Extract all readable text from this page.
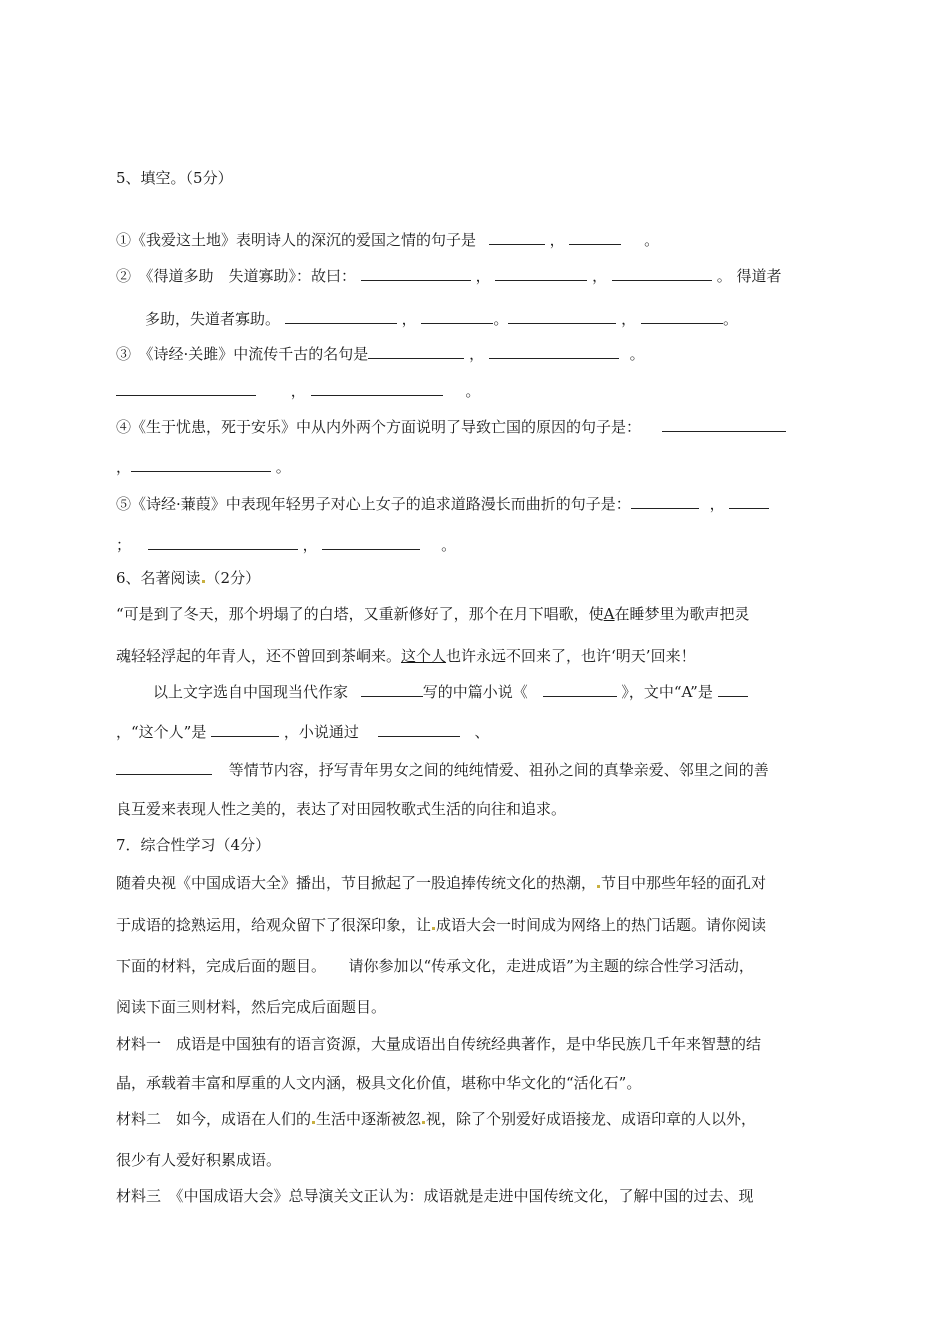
5、填空。（5分）
①《我爱这土地》表明诗人的深沉的爱国之情的句子是	，	。
②　《得道多助　失道寡助》：故曰：	，	，	。 得道者
多助，失道者寡助。	，	。	，	。
③　《诗经·关雎》中流传千古的名句是	，	。
，	。
④《生于忧患，死于安乐》中从内外两个方面说明了导致亡国的原因的句子是：
，	。
⑤《诗经·蒹葭》中表现年轻男子对心上女子的追求道路漫长而曲折的句子是：	，
；	，	。
6、名著阅读 （2分）
“可是到了冬天，那个坍塌了的白塔，又重新修好了，那个在月下唱歌，使A在睡梦里为歌声把灵
魂轻轻浮起的年青人，还不曾回到茶峒来。这个人也许永远不回来了，也许‘明天’回来！
以上文字选自中国现当代作家	写的中篇小说《	》，文中“A”是
，“这个人”是	，小说通过	、
等情节内容，抒写青年男女之间的纯纯情爱、祖孙之间的真挚亲爱、邻里之间的善
良互爱来表现人性之美的，表达了对田园牧歌式生活的向往和追求。
7．综合性学习（4分）
随着央视《中国成语大全》播出，节目掀起了一股追捧传统文化的热潮， 节目中那些年轻的面孔对
于成语的捻熟运用，给观众留下了很深印象，让 成语大会一时间成为网络上的热门话题。请你阅读
下面的材料，完成后面的题目。　　请你参加以“传承文化，走进成语”为主题的综合性学习活动，
阅读下面三则材料，然后完成后面题目。
材料一　成语是中国独有的语言资源，大量成语出自传统经典著作，是中华民族几千年来智慧的结
晶，承载着丰富和厚重的人文内涵，极具文化价值，堪称中华文化的“活化石”。
材料二　如今，成语在人们的 生活中逐渐被忽 视，除了个别爱好成语接龙、成语印章的人以外，
很少有人爱好积累成语。
材料三　《中国成语大会》总导演关文正认为：成语就是走进中国传统文化，了解中国的过去、现
